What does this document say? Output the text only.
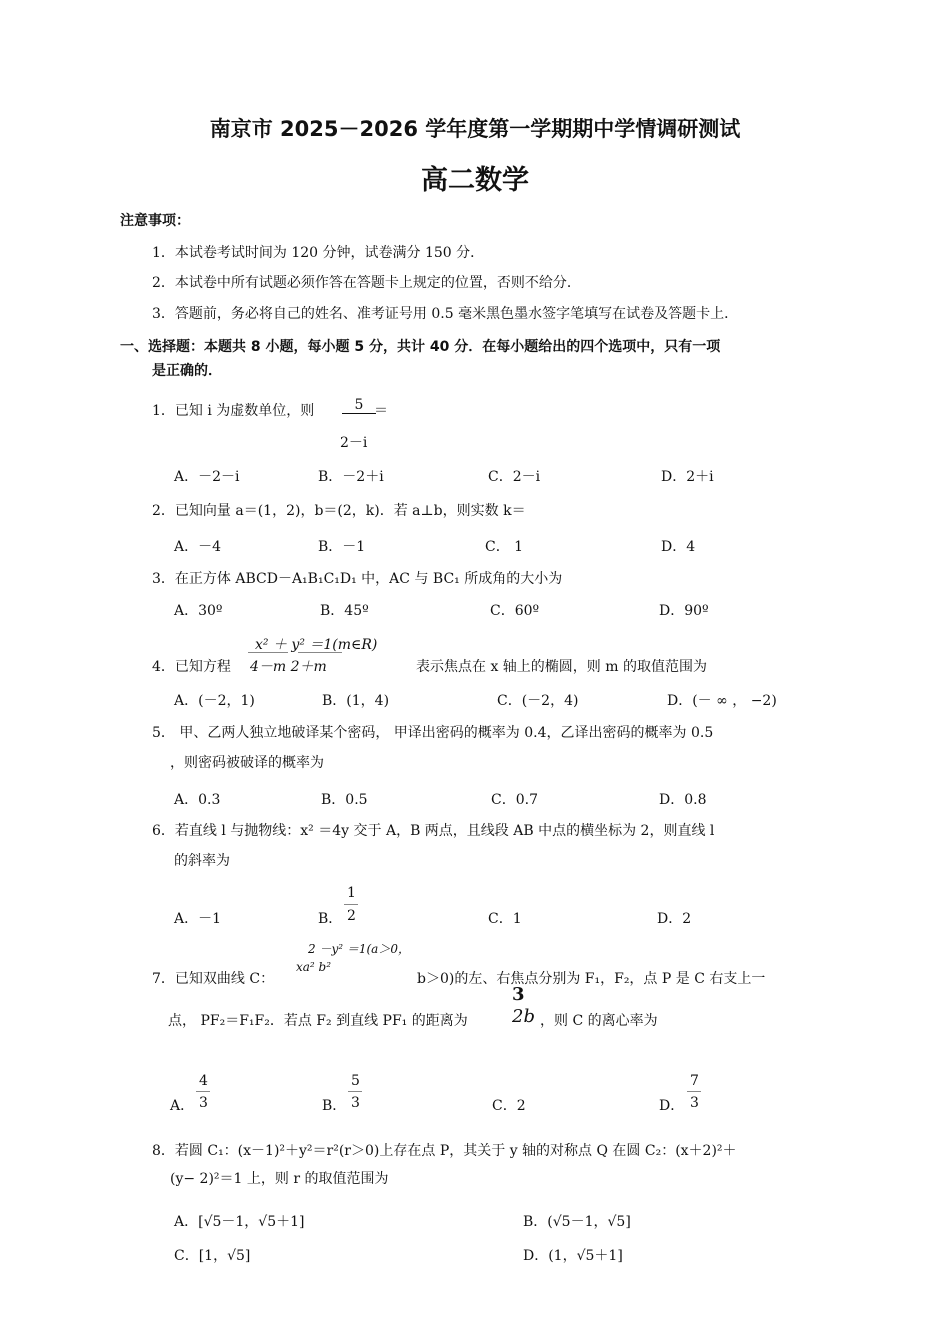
南京市 2025－2026 学年度第一学期期中学情调研测试
高二数学
注意事项：
1．本试卷考试时间为 120 分钟，试卷满分 150 分．
2．本试卷中所有试题必须作答在答题卡上规定的位置，否则不给分．
3．答题前，务必将自己的姓名、准考证号用 0.5 毫米黑色墨水签字笔填写在试卷及答题卡上．
一、选择题：本题共 8 小题，每小题 5 分，共计 40 分．在每小题给出的四个选项中，只有一项
是正确的．
1．已知 i 为虚数单位，则	5 ＝
2－i
A．－2－i	B．－2＋i	C．2－i	D．2＋i
2．已知向量 a＝(1，2)，b＝(2，k)．若 a⊥b，则实数 k＝
A．－4	B．－1	C． 1	D．4
3．在正方体 ABCD－A₁B₁C₁D₁ 中，AC 与 BC₁ 所成角的大小为
A．30º	B．45º	C．60º	D．90º
x² ＋ y² ＝1(m∈R)
4．已知方程 4－m 2＋m	表示焦点在 x 轴上的椭圆，则 m 的取值范围为
A．(－2，1)	B．(1，4)	C．(－2，4)	D．(－ ∞ ， −2)
5． 甲、乙两人独立地破译某个密码， 甲译出密码的概率为 0.4，乙译出密码的概率为 0.5
，则密码被破译的概率为
A．0.3	B．0.5	C．0.7	D．0.8
6．若直线 l 与抛物线：x² ＝4y 交于 A，B 两点，且线段 AB 中点的横坐标为 2，则直线 l
的斜率为
A．－1	B．
1
2	C．1	D．2
2 －y² ＝1(a＞0，
xa² b²
7．已知双曲线 C：	b＞0)的左、右焦点分别为 F₁，F₂，点 P 是 C 右支上一
3
点， PF₂＝F₁F₂．若点 F₂ 到直线 PF₁ 的距离为 2b ，则 C 的离心率为
A．
4
3	B．
5
3	C．2	D．
7
3
8．若圆 C₁：(x－1)²＋y²＝r²(r＞0)上存在点 P，其关于 y 轴的对称点 Q 在圆 C₂：(x＋2)²＋
(y− 2)²＝1 上，则 r 的取值范围为
A．[√5－1，√5＋1]	B．(√5－1，√5]
C．[1，√5]	D．(1，√5＋1]
